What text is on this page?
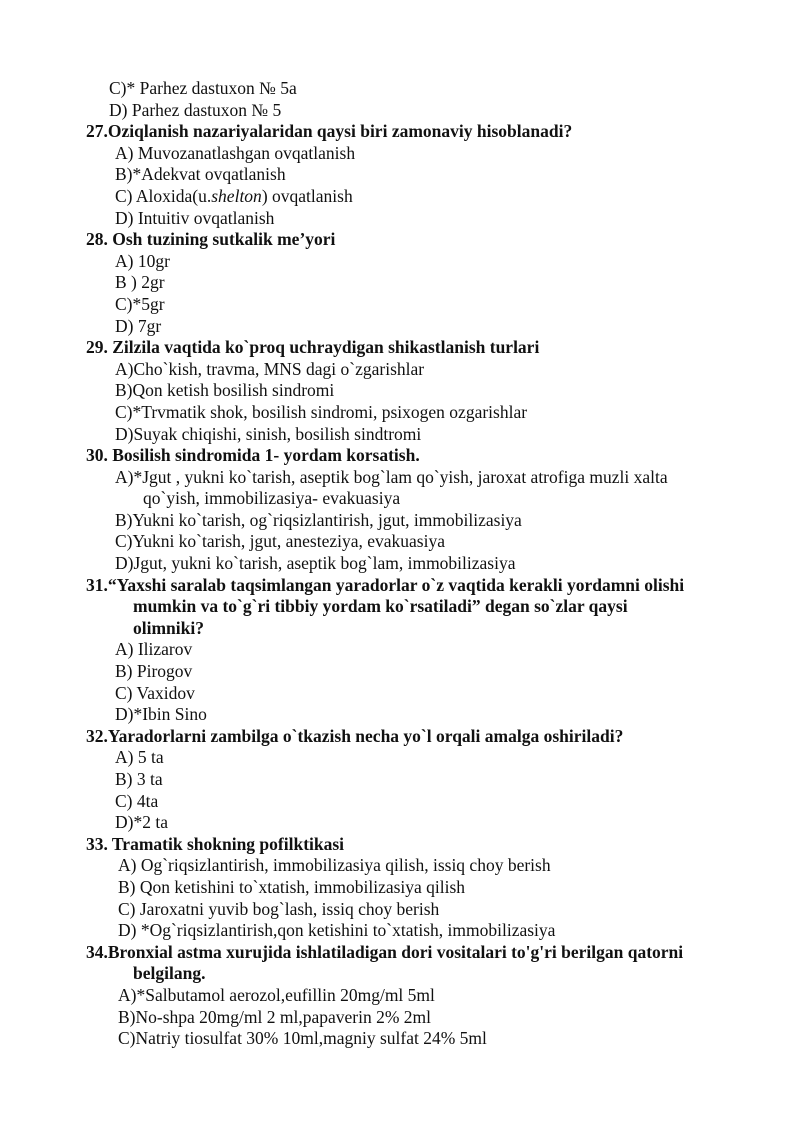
C)* Parhez dastuxon № 5a
D) Parhez dastuxon № 5
27.Oziqlanish nazariyalaridan qaysi biri zamonaviy hisoblanadi?
A) Muvozanatlashgan ovqatlanish
B)*Adekvat ovqatlanish
C) Aloxida(u.shelton) ovqatlanish
D) Intuitiv ovqatlanish
28. Osh tuzining sutkalik me’yori
A) 10gr
B ) 2gr
C)*5gr
D) 7gr
29. Zilzila vaqtida ko`proq uchraydigan shikastlanish turlari
A)Cho`kish, travma, MNS dagi o`zgarishlar
B)Qon ketish bosilish sindromi
C)*Trvmatik shok, bosilish sindromi, psixogen ozgarishlar
D)Suyak chiqishi, sinish, bosilish sindtromi
30. Bosilish sindromida 1- yordam korsatish.
A)*Jgut , yukni ko`tarish, aseptik bog`lam qo`yish, jaroxat atrofiga muzli xalta
qo`yish, immobilizasiya- evakuasiya
B)Yukni ko`tarish, og`riqsizlantirish, jgut, immobilizasiya
C)Yukni ko`tarish, jgut, anesteziya, evakuasiya
D)Jgut, yukni ko`tarish, aseptik bog`lam, immobilizasiya
31.“Yaxshi saralab taqsimlangan yaradorlar o`z vaqtida kerakli yordamni olishi
mumkin va to`g`ri tibbiy yordam ko`rsatiladi” degan so`zlar qaysi
olimniki?
A) Ilizarov
B) Pirogov
C) Vaxidov
D)*Ibin Sino
32.Yaradorlarni zambilga o`tkazish necha yo`l orqali amalga oshiriladi?
A) 5 ta
B) 3 ta
C) 4ta
D)*2 ta
33. Tramatik shokning pofilktikasi
A) Og`riqsizlantirish, immobilizasiya qilish, issiq choy berish
B) Qon ketishini to`xtatish, immobilizasiya qilish
C) Jaroxatni yuvib bog`lash, issiq choy berish
D) *Og`riqsizlantirish,qon ketishini to`xtatish, immobilizasiya
34.Bronxial astma xurujida ishlatiladigan dori vositalari to'g'ri berilgan qatorni
belgilang.
A)*Salbutamol aerozol,eufillin 20mg/ml 5ml
B)No-shpa 20mg/ml 2 ml,papaverin 2% 2ml
C)Natriy tiosulfat 30% 10ml,magniy sulfat 24% 5ml
